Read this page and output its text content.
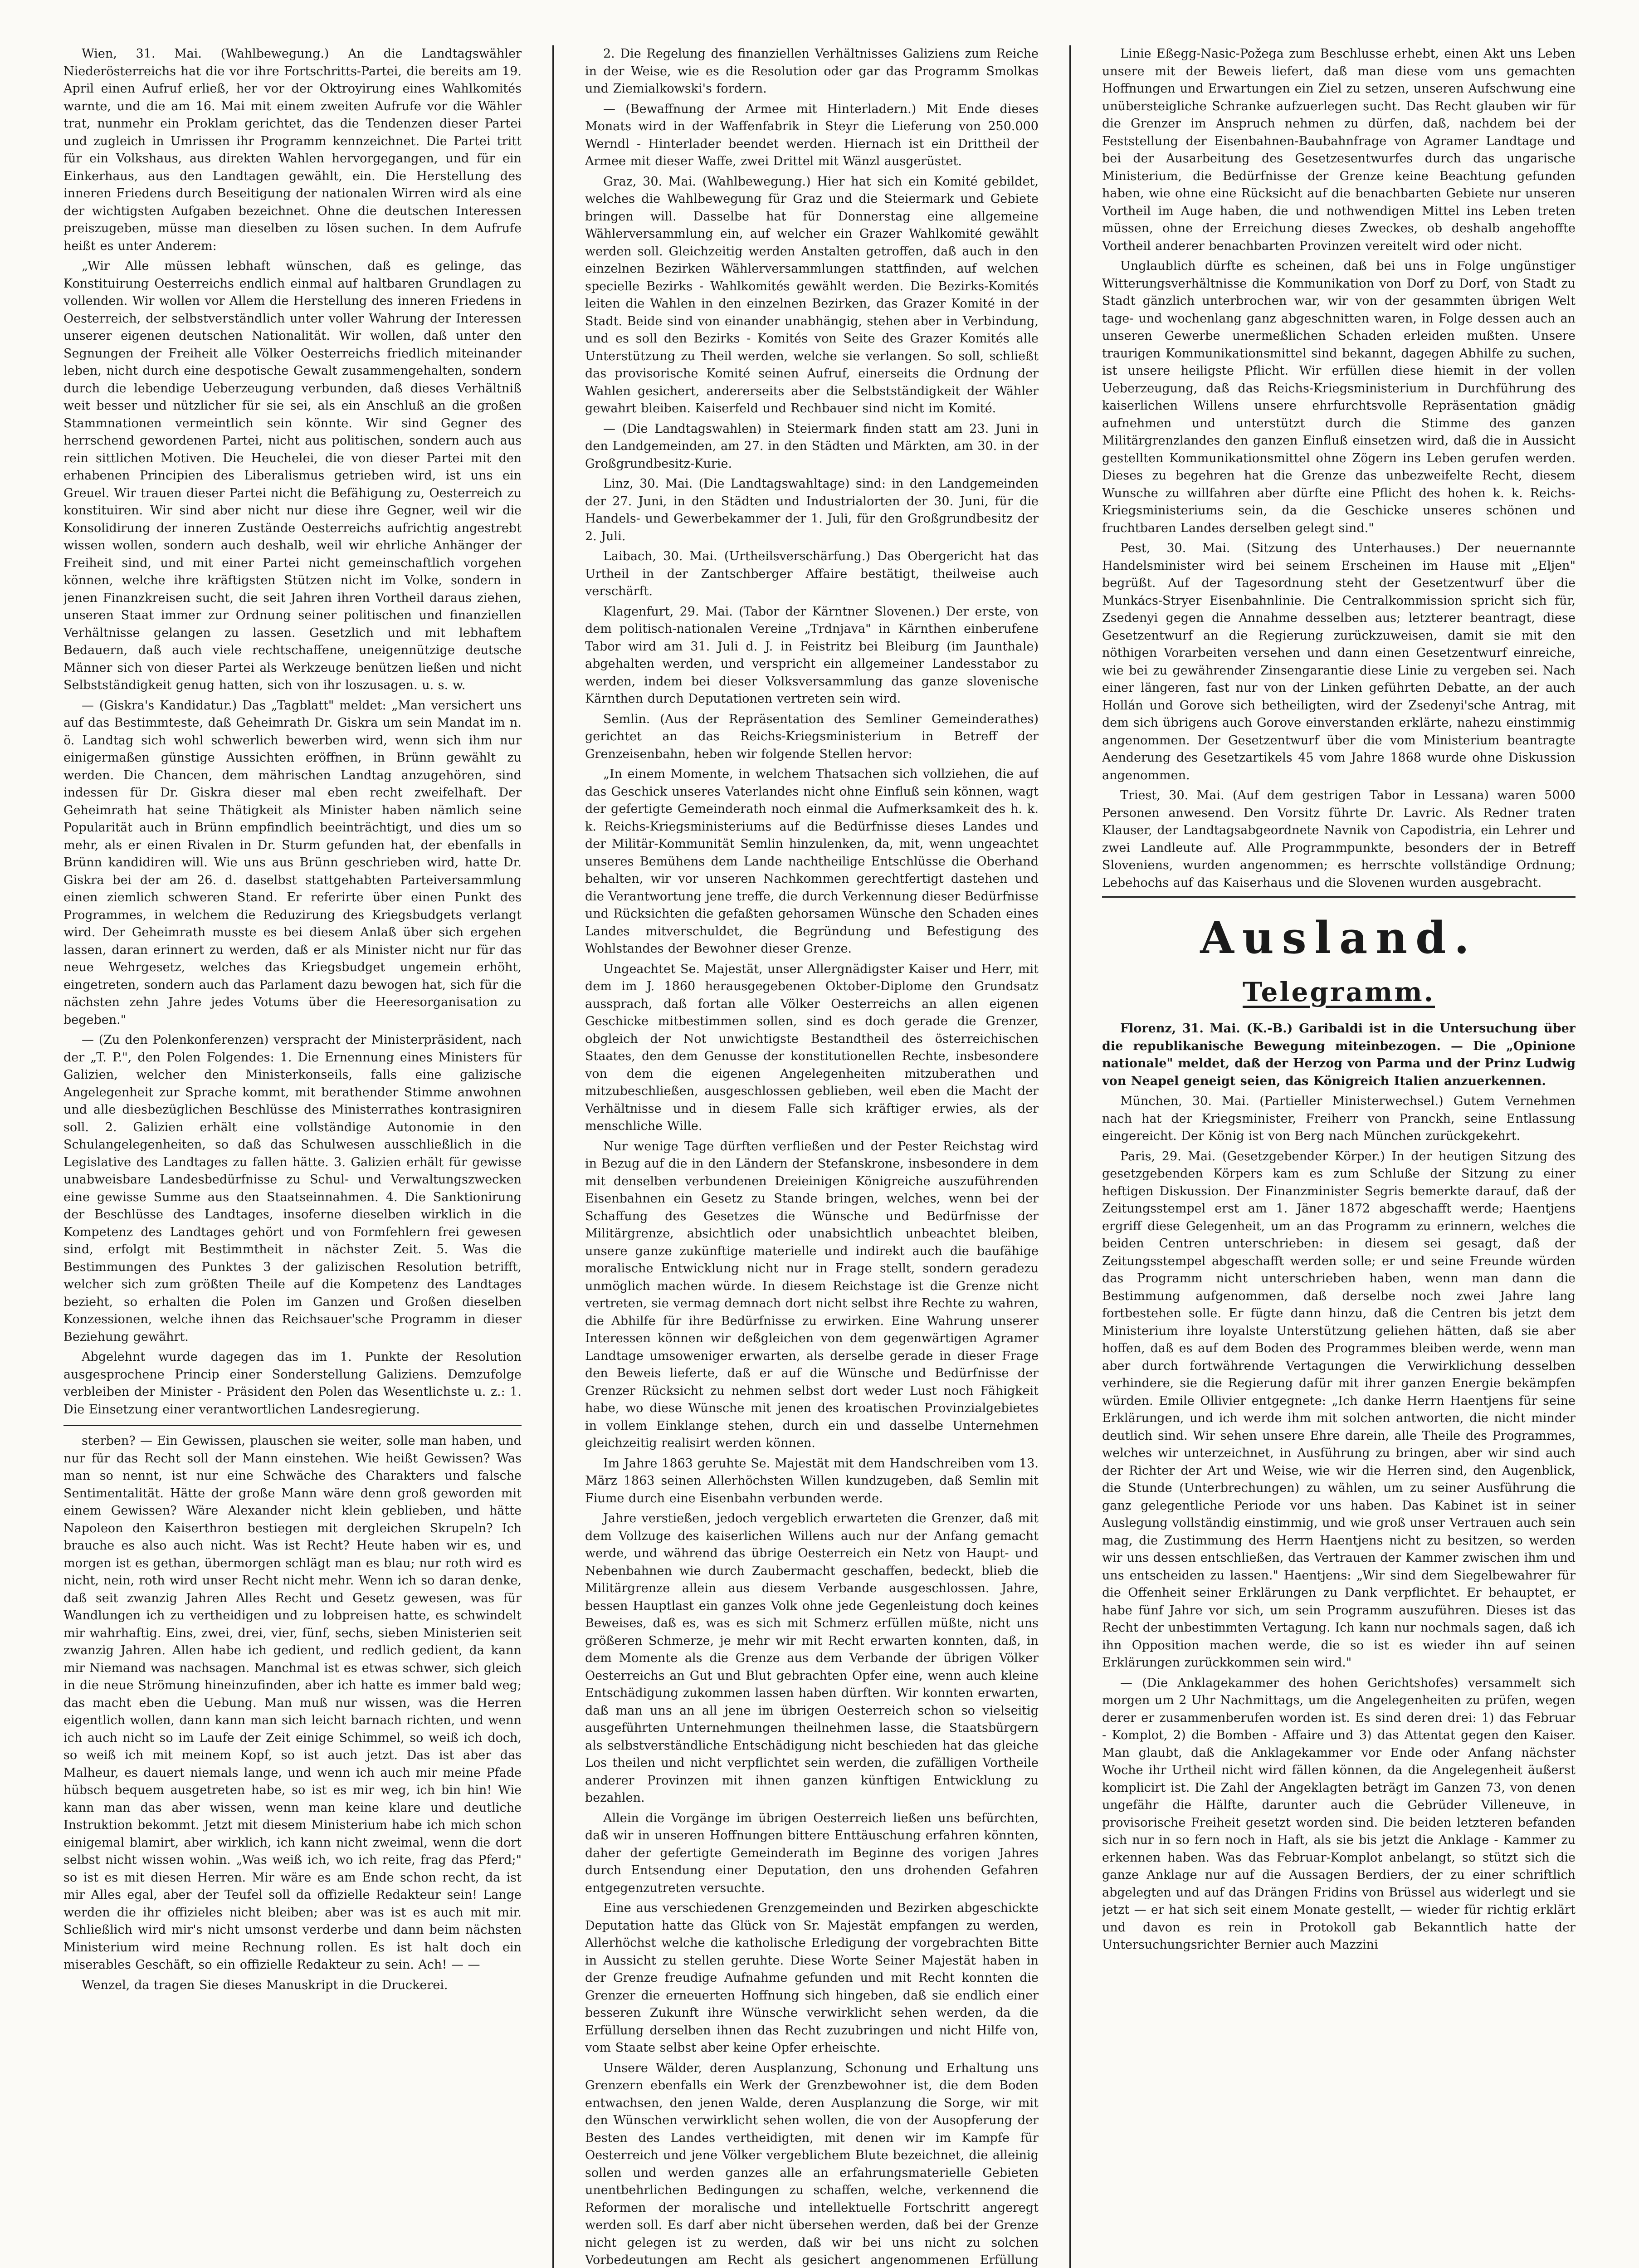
Wien, 31. Mai. (Wahlbewegung.) An die Landtagswähler Niederösterreichs hat die vor ihre Fortschritts-Partei, die bereits am 19. April einen Aufruf erließ, her vor der Oktroyirung eines Wahlkomités warnte, und die am 16. Mai mit einem zweiten Aufrufe vor die Wähler trat, nunmehr ein Proklam gerichtet, das die Tendenzen dieser Partei und zugleich in Umrissen ihr Programm kennzeichnet. Die Partei tritt für ein Volkshaus, aus direkten Wahlen hervorgegangen, und für ein Einkerhaus, aus den Landtagen gewählt, ein. Die Herstellung des inneren Friedens durch Beseitigung der nationalen Wirren wird als eine der wichtigsten Aufgaben bezeichnet. Ohne die deutschen Interessen preiszugeben, müsse man dieselben zu lösen suchen. In dem Aufrufe heißt es unter Anderem:

„Wir Alle müssen lebhaft wünschen, daß es gelinge, das Konstituirung Oesterreichs endlich einmal auf haltbaren Grundlagen zu vollenden. Wir wollen vor Allem die Herstellung des inneren Friedens in Oesterreich, der selbstverständlich unter voller Wahrung der Interessen unserer eigenen deutschen Nationalität. Wir wollen, daß unter den Segnungen der Freiheit alle Völker Oesterreichs friedlich miteinander leben, nicht durch eine despotische Gewalt zusammengehalten, sondern durch die lebendige Ueberzeugung verbunden, daß dieses Verhältniß weit besser und nützlicher für sie sei, als ein Anschluß an die großen Stammnationen vermeintlich sein könnte. Wir sind Gegner des herrschend gewordenen Partei, nicht aus politischen, sondern auch aus rein sittlichen Motiven. Die Heuchelei, die von dieser Partei mit den erhabenen Principien des Liberalismus getrieben wird, ist uns ein Greuel. Wir trauen dieser Partei nicht die Befähigung zu, Oesterreich zu konstituiren. Wir sind aber nicht nur diese ihre Gegner, weil wir die Konsolidirung der inneren Zustände Oesterreichs aufrichtig angestrebt wissen wollen, sondern auch deshalb, weil wir ehrliche Anhänger der Freiheit sind, und mit einer Partei nicht gemeinschaftlich vorgehen können, welche ihre kräftigsten Stützen nicht im Volke, sondern in jenen Finanzkreisen sucht, die seit Jahren ihren Vortheil daraus ziehen, unseren Staat immer zur Ordnung seiner politischen und finanziellen Verhältnisse gelangen zu lassen. Gesetzlich und mit lebhaftem Bedauern, daß auch viele rechtschaffene, uneigennützige deutsche Männer sich von dieser Partei als Werkzeuge benützen ließen und nicht Selbstständigkeit genug hatten, sich von ihr loszusagen. u. s. w.

— (Giskra's Kandidatur.) Das „Tagblatt" meldet: „Man versichert uns auf das Bestimmteste, daß Geheimrath Dr. Giskra um sein Mandat im n. ö. Landtag sich wohl schwerlich bewerben wird, wenn sich ihm nur einigermaßen günstige Aussichten eröffnen, in Brünn gewählt zu werden. Die Chancen, dem mährischen Landtag anzugehören, sind indessen für Dr. Giskra dieser mal eben recht zweifelhaft. Der Geheimrath hat seine Thätigkeit als Minister haben nämlich seine Popularität auch in Brünn empfindlich beeinträchtigt, und dies um so mehr, als er einen Rivalen in Dr. Sturm gefunden hat, der ebenfalls in Brünn kandidiren will. Wie uns aus Brünn geschrieben wird, hatte Dr. Giskra bei der am 26. d. daselbst stattgehabten Parteiversammlung einen ziemlich schweren Stand. Er referirte über einen Punkt des Programmes, in welchem die Reduzirung des Kriegsbudgets verlangt wird. Der Geheimrath musste es bei diesem Anlaß über sich ergehen lassen, daran erinnert zu werden, daß er als Minister nicht nur für das neue Wehrgesetz, welches das Kriegsbudget ungemein erhöht, eingetreten, sondern auch das Parlament dazu bewogen hat, sich für die nächsten zehn Jahre jedes Votums über die Heeresorganisation zu begeben."

— (Zu den Polenkonferenzen) verspracht der Ministerpräsident, nach der „T. P.", den Polen Folgendes: 1. Die Ernennung eines Ministers für Galizien, welcher den Ministerkonseils, falls eine galizische Angelegenheit zur Sprache kommt, mit berathender Stimme anwohnen und alle diesbezüglichen Beschlüsse des Ministerrathes kontrasigniren soll. 2. Galizien erhält eine vollständige Autonomie in den Schulangelegenheiten, so daß das Schulwesen ausschließlich in die Legislative des Landtages zu fallen hätte. 3. Galizien erhält für gewisse unabweisbare Landesbedürfnisse zu Schul- und Verwaltungszwecken eine gewisse Summe aus den Staatseinnahmen. 4. Die Sanktionirung der Beschlüsse des Landtages, insoferne dieselben wirklich in die Kompetenz des Landtages gehört und von Formfehlern frei gewesen sind, erfolgt mit Bestimmtheit in nächster Zeit. 5. Was die Bestimmungen des Punktes 3 der galizischen Resolution betrifft, welcher sich zum größten Theile auf die Kompetenz des Landtages bezieht, so erhalten die Polen im Ganzen und Großen dieselben Konzessionen, welche ihnen das Reichsauer'sche Programm in dieser Beziehung gewährt.

Abgelehnt wurde dagegen das im 1. Punkte der Resolution ausgesprochene Princip einer Sonderstellung Galiziens. Demzufolge verbleiben der Minister - Präsident den Polen das Wesentlichste u. z.: 1. Die Einsetzung einer verantwortlichen Landesregierung.

sterben? — Ein Gewissen, plauschen sie weiter, solle man haben, und nur für das Recht soll der Mann einstehen. Wie heißt Gewissen? Was man so nennt, ist nur eine Schwäche des Charakters und falsche Sentimentalität. Hätte der große Mann wäre denn groß geworden mit einem Gewissen? Wäre Alexander nicht klein geblieben, und hätte Napoleon den Kaiserthron bestiegen mit dergleichen Skrupeln? Ich brauche es also auch nicht. Was ist Recht? Heute haben wir es, und morgen ist es gethan, übermorgen schlägt man es blau; nur roth wird es nicht, nein, roth wird unser Recht nicht mehr. Wenn ich so daran denke, daß seit zwanzig Jahren Alles Recht und Gesetz gewesen, was für Wandlungen ich zu vertheidigen und zu lobpreisen hatte, es schwindelt mir wahrhaftig. Eins, zwei, drei, vier, fünf, sechs, sieben Ministerien seit zwanzig Jahren. Allen habe ich gedient, und redlich gedient, da kann mir Niemand was nachsagen. Manchmal ist es etwas schwer, sich gleich in die neue Strömung hineinzufinden, aber ich hatte es immer bald weg; das macht eben die Uebung. Man muß nur wissen, was die Herren eigentlich wollen, dann kann man sich leicht barnach richten, und wenn ich auch nicht so im Laufe der Zeit einige Schimmel, so weiß ich doch, so weiß ich mit meinem Kopf, so ist auch jetzt. Das ist aber das Malheur, es dauert niemals lange, und wenn ich auch mir meine Pfade hübsch bequem ausgetreten habe, so ist es mir weg, ich bin hin! Wie kann man das aber wissen, wenn man keine klare und deutliche Instruktion bekommt. Jetzt mit diesem Ministerium habe ich mich schon einigemal blamirt, aber wirklich, ich kann nicht zweimal, wenn die dort selbst nicht wissen wohin. „Was weiß ich, wo ich reite, frag das Pferd;" so ist es mit diesen Herren. Mir wäre es am Ende schon recht, da ist mir Alles egal, aber der Teufel soll da offizielle Redakteur sein! Lange werden die ihr offizieles nicht bleiben; aber was ist es auch mit mir. Schließlich wird mir's nicht umsonst verderbe und dann beim nächsten Ministerium wird meine Rechnung rollen. Es ist halt doch ein miserables Geschäft, so ein offizielle Redakteur zu sein. Ach! — —

Wenzel, da tragen Sie dieses Manuskript in die Druckerei.

2. Die Regelung des finanziellen Verhältnisses Galiziens zum Reiche in der Weise, wie es die Resolution oder gar das Programm Smolkas und Ziemialkowski's fordern.

— (Bewaffnung der Armee mit Hinterladern.) Mit Ende dieses Monats wird in der Waffenfabrik in Steyr die Lieferung von 250.000 Werndl - Hinterlader beendet werden. Hiernach ist ein Drittheil der Armee mit dieser Waffe, zwei Drittel mit Wänzl ausgerüstet.

Graz, 30. Mai. (Wahlbewegung.) Hier hat sich ein Komité gebildet, welches die Wahlbewegung für Graz und die Steiermark und Gebiete bringen will. Dasselbe hat für Donnerstag eine allgemeine Wählerversammlung ein, auf welcher ein Grazer Wahlkomité gewählt werden soll. Gleichzeitig werden Anstalten getroffen, daß auch in den einzelnen Bezirken Wählerversammlungen stattfinden, auf welchen specielle Bezirks - Wahlkomités gewählt werden. Die Bezirks-Komités leiten die Wahlen in den einzelnen Bezirken, das Grazer Komité in der Stadt. Beide sind von einander unabhängig, stehen aber in Verbindung, und es soll den Bezirks - Komités von Seite des Grazer Komités alle Unterstützung zu Theil werden, welche sie verlangen. So soll, schließt das provisorische Komité seinen Aufruf, einerseits die Ordnung der Wahlen gesichert, andererseits aber die Selbstständigkeit der Wähler gewahrt bleiben. Kaiserfeld und Rechbauer sind nicht im Komité.

— (Die Landtagswahlen) in Steiermark finden statt am 23. Juni in den Landgemeinden, am 27. in den Städten und Märkten, am 30. in der Großgrundbesitz-Kurie.

Linz, 30. Mai. (Die Landtagswahltage) sind: in den Landgemeinden der 27. Juni, in den Städten und Industrialorten der 30. Juni, für die Handels- und Gewerbekammer der 1. Juli, für den Großgrundbesitz der 2. Juli.

Laibach, 30. Mai. (Urtheilsverschärfung.) Das Obergericht hat das Urtheil in der Zantschberger Affaire bestätigt, theilweise auch verschärft.

Klagenfurt, 29. Mai. (Tabor der Kärntner Slovenen.) Der erste, von dem politisch-nationalen Vereine „Trdnjava" in Kärnthen einberufene Tabor wird am 31. Juli d. J. in Feistritz bei Bleiburg (im Jaunthale) abgehalten werden, und verspricht ein allgemeiner Landesstabor zu werden, indem bei dieser Volksversammlung das ganze slovenische Kärnthen durch Deputationen vertreten sein wird.

Semlin. (Aus der Repräsentation des Semliner Gemeinderathes) gerichtet an das Reichs-Kriegsministerium in Betreff der Grenzeisenbahn, heben wir folgende Stellen hervor:

„In einem Momente, in welchem Thatsachen sich vollziehen, die auf das Geschick unseres Vaterlandes nicht ohne Einfluß sein können, wagt der gefertigte Gemeinderath noch einmal die Aufmerksamkeit des h. k. k. Reichs-Kriegsministeriums auf die Bedürfnisse dieses Landes und der Militär-Kommunität Semlin hinzulenken, da, mit, wenn ungeachtet unseres Bemühens dem Lande nachtheilige Entschlüsse die Oberhand behalten, wir vor unseren Nachkommen gerechtfertigt dastehen und die Verantwortung jene treffe, die durch Verkennung dieser Bedürfnisse und Rücksichten die gefaßten gehorsamen Wünsche den Schaden eines Landes mitverschuldet, die Begründung und Befestigung des Wohlstandes der Bewohner dieser Grenze.

Ungeachtet Se. Majestät, unser Allergnädigster Kaiser und Herr, mit dem im J. 1860 herausgegebenen Oktober-Diplome den Grundsatz aussprach, daß fortan alle Völker Oesterreichs an allen eigenen Geschicke mitbestimmen sollen, sind es doch gerade die Grenzer, obgleich der Not unwichtigste Bestandtheil des österreichischen Staates, den dem Genusse der konstitutionellen Rechte, insbesondere von dem die eigenen Angelegenheiten mitzuberathen und mitzubeschließen, ausgeschlossen geblieben, weil eben die Macht der Verhältnisse und in diesem Falle sich kräftiger erwies, als der menschliche Wille.

Nur wenige Tage dürften verfließen und der Pester Reichstag wird in Bezug auf die in den Ländern der Stefanskrone, insbesondere in dem mit denselben verbundenen Dreieinigen Königreiche auszuführenden Eisenbahnen ein Gesetz zu Stande bringen, welches, wenn bei der Schaffung des Gesetzes die Wünsche und Bedürfnisse der Militärgrenze, absichtlich oder unabsichtlich unbeachtet bleiben, unsere ganze zukünftige materielle und indirekt auch die baufähige moralische Entwicklung nicht nur in Frage stellt, sondern geradezu unmöglich machen würde. In diesem Reichstage ist die Grenze nicht vertreten, sie vermag demnach dort nicht selbst ihre Rechte zu wahren, die Abhilfe für ihre Bedürfnisse zu erwirken. Eine Wahrung unserer Interessen können wir deßgleichen von dem gegenwärtigen Agramer Landtage umsoweniger erwarten, als derselbe gerade in dieser Frage den Beweis lieferte, daß er auf die Wünsche und Bedürfnisse der Grenzer Rücksicht zu nehmen selbst dort weder Lust noch Fähigkeit habe, wo diese Wünsche mit jenen des kroatischen Provinzialgebietes in vollem Einklange stehen, durch ein und dasselbe Unternehmen gleichzeitig realisirt werden können.

Im Jahre 1863 geruhte Se. Majestät mit dem Handschreiben vom 13. März 1863 seinen Allerhöchsten Willen kundzugeben, daß Semlin mit Fiume durch eine Eisenbahn verbunden werde.

Jahre verstießen, jedoch vergeblich erwarteten die Grenzer, daß mit dem Vollzuge des kaiserlichen Willens auch nur der Anfang gemacht werde, und während das übrige Oesterreich ein Netz von Haupt- und Nebenbahnen wie durch Zaubermacht geschaffen, bedeckt, blieb die Militärgrenze allein aus diesem Verbande ausgeschlossen. Jahre, bessen Hauptlast ein ganzes Volk ohne jede Gegenleistung doch keines Beweises, daß es, was es sich mit Schmerz erfüllen müßte, nicht uns größeren Schmerze, je mehr wir mit Recht erwarten konnten, daß, in dem Momente als die Grenze aus dem Verbande der übrigen Völker Oesterreichs an Gut und Blut gebrachten Opfer eine, wenn auch kleine Entschädigung zukommen lassen haben dürften. Wir konnten erwarten, daß man uns an all jene im übrigen Oesterreich schon so vielseitig ausgeführten Unternehmungen theilnehmen lasse, die Staatsbürgern als selbstverständliche Entschädigung nicht beschieden hat das gleiche Los theilen und nicht verpflichtet sein werden, die zufälligen Vortheile anderer Provinzen mit ihnen ganzen künftigen Entwicklung zu bezahlen.

Allein die Vorgänge im übrigen Oesterreich ließen uns befürchten, daß wir in unseren Hoffnungen bittere Enttäuschung erfahren könnten, daher der gefertigte Gemeinderath im Beginne des vorigen Jahres durch Entsendung einer Deputation, den uns drohenden Gefahren entgegenzutreten versuchte.

Eine aus verschiedenen Grenzgemeinden und Bezirken abgeschickte Deputation hatte das Glück von Sr. Majestät empfangen zu werden, Allerhöchst welche die katholische Erledigung der vorgebrachten Bitte in Aussicht zu stellen geruhte. Diese Worte Seiner Majestät haben in der Grenze freudige Aufnahme gefunden und mit Recht konnten die Grenzer die erneuerten Hoffnung sich hingeben, daß sie endlich einer besseren Zukunft ihre Wünsche verwirklicht sehen werden, da die Erfüllung derselben ihnen das Recht zuzubringen und nicht Hilfe von, vom Staate selbst aber keine Opfer erheischte.

Unsere Wälder, deren Ausplanzung, Schonung und Erhaltung uns Grenzern ebenfalls ein Werk der Grenzbewohner ist, die dem Boden entwachsen, den jenen Walde, deren Ausplanzung die Sorge, wir mit den Wünschen verwirklicht sehen wollen, die von der Ausopferung der Besten des Landes vertheidigten, mit denen wir im Kampfe für Oesterreich und jene Völker vergeblichem Blute bezeichnet, die alleinig sollen und werden ganzes alle an erfahrungsmaterielle Gebieten unentbehrlichen Bedingungen zu schaffen, welche, verkennend die Reformen der moralische und intellektuelle Fortschritt angeregt werden soll. Es darf aber nicht übersehen werden, daß bei der Grenze nicht gelegen ist zu werden, daß wir bei uns nicht zu solchen Vorbedeutungen am Recht als gesichert angenommenen Erfüllung

Linie Eßegg-Nasic-Požega zum Beschlusse erhebt, einen Akt uns Leben unsere mit der Beweis liefert, daß man diese vom uns gemachten Hoffnungen und Erwartungen ein Ziel zu setzen, unseren Aufschwung eine unübersteigliche Schranke aufzuerlegen sucht. Das Recht glauben wir für die Grenzer im Anspruch nehmen zu dürfen, daß, nachdem bei der Feststellung der Eisenbahnen-Baubahnfrage von Agramer Landtage und bei der Ausarbeitung des Gesetzesentwurfes durch das ungarische Ministerium, die Bedürfnisse der Grenze keine Beachtung gefunden haben, wie ohne eine Rücksicht auf die benachbarten Gebiete nur unseren Vortheil im Auge haben, die und nothwendigen Mittel ins Leben treten müssen, ohne der Erreichung dieses Zweckes, ob deshalb angehoffte Vortheil anderer benachbarten Provinzen vereitelt wird oder nicht.

Unglaublich dürfte es scheinen, daß bei uns in Folge ungünstiger Witterungsverhältnisse die Kommunikation von Dorf zu Dorf, von Stadt zu Stadt gänzlich unterbrochen war, wir von der gesammten übrigen Welt tage- und wochenlang ganz abgeschnitten waren, in Folge dessen auch an unseren Gewerbe unermeßlichen Schaden erleiden mußten. Unsere traurigen Kommunikationsmittel sind bekannt, dagegen Abhilfe zu suchen, ist unsere heiligste Pflicht. Wir erfüllen diese hiemit in der vollen Ueberzeugung, daß das Reichs-Kriegsministerium in Durchführung des kaiserlichen Willens unsere ehrfurchtsvolle Repräsentation gnädig aufnehmen und unterstützt durch die Stimme des ganzen Militärgrenzlandes den ganzen Einfluß einsetzen wird, daß die in Aussicht gestellten Kommunikationsmittel ohne Zögern ins Leben gerufen werden. Dieses zu begehren hat die Grenze das unbezweifelte Recht, diesem Wunsche zu willfahren aber dürfte eine Pflicht des hohen k. k. Reichs-Kriegsministeriums sein, da die Geschicke unseres schönen und fruchtbaren Landes derselben gelegt sind."

Pest, 30. Mai. (Sitzung des Unterhauses.) Der neuernannte Handelsminister wird bei seinem Erscheinen im Hause mit „Eljen" begrüßt. Auf der Tagesordnung steht der Gesetzentwurf über die Munkács-Stryer Eisenbahnlinie. Die Centralkommission spricht sich für, Zsedenyi gegen die Annahme desselben aus; letzterer beantragt, diese Gesetzentwurf an die Regierung zurückzuweisen, damit sie mit den nöthigen Vorarbeiten versehen und dann einen Gesetzentwurf einreiche, wie bei zu gewährender Zinsengarantie diese Linie zu vergeben sei. Nach einer längeren, fast nur von der Linken geführten Debatte, an der auch Hollán und Gorove sich betheiligten, wird der Zsedenyi'sche Antrag, mit dem sich übrigens auch Gorove einverstanden erklärte, nahezu einstimmig angenommen. Der Gesetzentwurf über die vom Ministerium beantragte Aenderung des Gesetzartikels 45 vom Jahre 1868 wurde ohne Diskussion angenommen.

Triest, 30. Mai. (Auf dem gestrigen Tabor in Lessana) waren 5000 Personen anwesend. Den Vorsitz führte Dr. Lavric. Als Redner traten Klauser, der Landtagsabgeordnete Navnik von Capodistria, ein Lehrer und zwei Landleute auf. Alle Programmpunkte, besonders der in Betreff Sloveniens, wurden angenommen; es herrschte vollständige Ordnung; Lebehochs auf das Kaiserhaus und die Slovenen wurden ausgebracht.

Ausland.
Telegramm.

Florenz, 31. Mai. (K.-B.) Garibaldi ist in die Untersuchung über die republikanische Bewegung miteinbezogen. — Die „Opinione nationale" meldet, daß der Herzog von Parma und der Prinz Ludwig von Neapel geneigt seien, das Königreich Italien anzuerkennen.

München, 30. Mai. (Partieller Ministerwechsel.) Gutem Vernehmen nach hat der Kriegsminister, Freiherr von Pranckh, seine Entlassung eingereicht. Der König ist von Berg nach München zurückgekehrt.

Paris, 29. Mai. (Gesetzgebender Körper.) In der heutigen Sitzung des gesetzgebenden Körpers kam es zum Schluße der Sitzung zu einer heftigen Diskussion. Der Finanzminister Segris bemerkte darauf, daß der Zeitungsstempel erst am 1. Jäner 1872 abgeschafft werde; Haentjens ergriff diese Gelegenheit, um an das Programm zu erinnern, welches die beiden Centren unterschrieben: in diesem sei gesagt, daß der Zeitungsstempel abgeschafft werden solle; er und seine Freunde würden das Programm nicht unterschrieben haben, wenn man dann die Bestimmung aufgenommen, daß derselbe noch zwei Jahre lang fortbestehen solle. Er fügte dann hinzu, daß die Centren bis jetzt dem Ministerium ihre loyalste Unterstützung geliehen hätten, daß sie aber hoffen, daß es auf dem Boden des Programmes bleiben werde, wenn man aber durch fortwährende Vertagungen die Verwirklichung desselben verhindere, sie die Regierung dafür mit ihrer ganzen Energie bekämpfen würden. Emile Ollivier entgegnete: „Ich danke Herrn Haentjens für seine Erklärungen, und ich werde ihm mit solchen antworten, die nicht minder deutlich sind. Wir sehen unsere Ehre darein, alle Theile des Programmes, welches wir unterzeichnet, in Ausführung zu bringen, aber wir sind auch der Richter der Art und Weise, wie wir die Herren sind, den Augenblick, die Stunde (Unterbrechungen) zu wählen, um zu seiner Ausführung die ganz gelegentliche Periode vor uns haben. Das Kabinet ist in seiner Auslegung vollständig einstimmig, und wie groß unser Vertrauen auch sein mag, die Zustimmung des Herrn Haentjens nicht zu besitzen, so werden wir uns dessen entschließen, das Vertrauen der Kammer zwischen ihm und uns entscheiden zu lassen." Haentjens: „Wir sind dem Siegelbewahrer für die Offenheit seiner Erklärungen zu Dank verpflichtet. Er behauptet, er habe fünf Jahre vor sich, um sein Programm auszuführen. Dieses ist das Recht der unbestimmten Vertagung. Ich kann nur nochmals sagen, daß ich ihn Opposition machen werde, die so ist es wieder ihn auf seinen Erklärungen zurückkommen sein wird."

— (Die Anklagekammer des hohen Gerichtshofes) versammelt sich morgen um 2 Uhr Nachmittags, um die Angelegenheiten zu prüfen, wegen derer er zusammenberufen worden ist. Es sind deren drei: 1) das Februar - Komplot, 2) die Bomben - Affaire und 3) das Attentat gegen den Kaiser. Man glaubt, daß die Anklagekammer vor Ende oder Anfang nächster Woche ihr Urtheil nicht wird fällen können, da die Angelegenheit äußerst komplicirt ist. Die Zahl der Angeklagten beträgt im Ganzen 73, von denen ungefähr die Hälfte, darunter auch die Gebrüder Villeneuve, in provisorische Freiheit gesetzt worden sind. Die beiden letzteren befanden sich nur in so fern noch in Haft, als sie bis jetzt die Anklage - Kammer zu erkennen haben. Was das Februar-Komplot anbelangt, so stützt sich die ganze Anklage nur auf die Aussagen Berdiers, der zu einer schriftlich abgelegten und auf das Drängen Fridins von Brüssel aus widerlegt und sie jetzt — er hat sich seit einem Monate gestellt, — wieder für richtig erklärt und davon es rein in Protokoll gab Bekanntlich hatte der Untersuchungsrichter Bernier auch Mazzini
